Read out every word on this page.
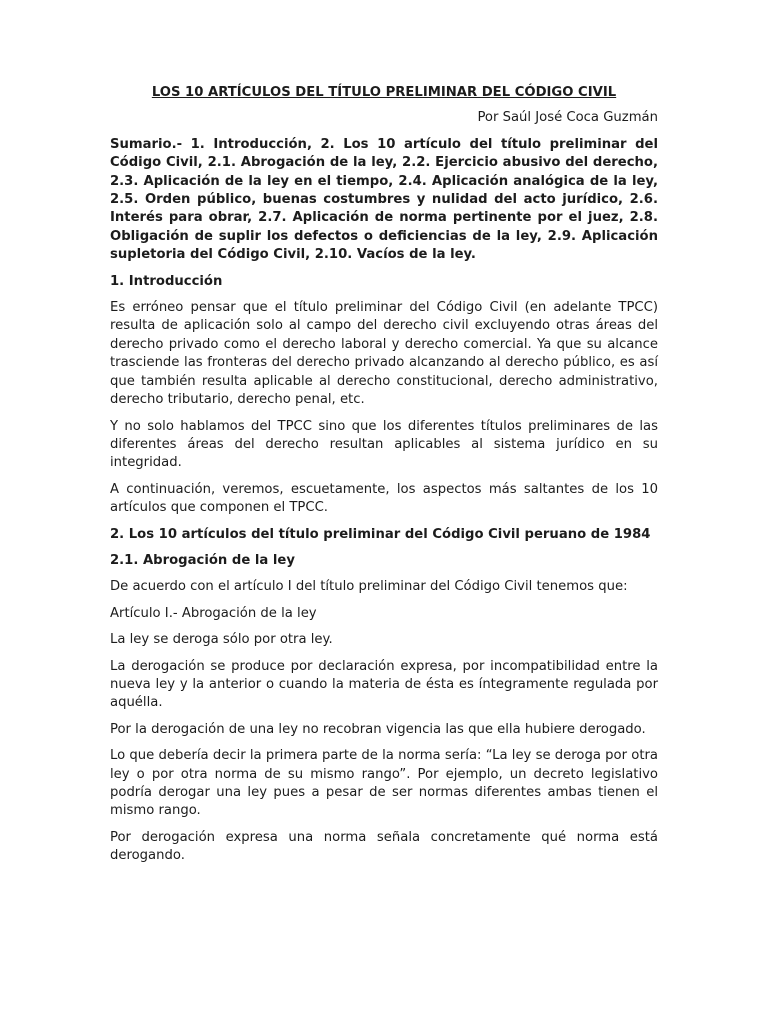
LOS 10 ARTÍCULOS DEL TÍTULO PRELIMINAR DEL CÓDIGO CIVIL

Por Saúl José Coca Guzmán

Sumario.- 1. Introducción, 2. Los 10 artículo del título preliminar del Código Civil, 2.1. Abrogación de la ley, 2.2. Ejercicio abusivo del derecho, 2.3. Aplicación de la ley en el tiempo, 2.4. Aplicación analógica de la ley, 2.5. Orden público, buenas costumbres y nulidad del acto jurídico, 2.6. Interés para obrar, 2.7. Aplicación de norma pertinente por el juez, 2.8. Obligación de suplir los defectos o deficiencias de la ley, 2.9. Aplicación supletoria del Código Civil, 2.10. Vacíos de la ley.

1. Introducción

Es erróneo pensar que el título preliminar del Código Civil (en adelante TPCC) resulta de aplicación solo al campo del derecho civil excluyendo otras áreas del derecho privado como el derecho laboral y derecho comercial. Ya que su alcance trasciende las fronteras del derecho privado alcanzando al derecho público, es así que también resulta aplicable al derecho constitucional, derecho administrativo, derecho tributario, derecho penal, etc.

Y no solo hablamos del TPCC sino que los diferentes títulos preliminares de las diferentes áreas del derecho resultan aplicables al sistema jurídico en su integridad.

A continuación, veremos, escuetamente, los aspectos más saltantes de los 10 artículos que componen el TPCC.

2. Los 10 artículos del título preliminar del Código Civil peruano de 1984

2.1. Abrogación de la ley

De acuerdo con el artículo I del título preliminar del Código Civil tenemos que:

Artículo I.- Abrogación de la ley

La ley se deroga sólo por otra ley.

La derogación se produce por declaración expresa, por incompatibilidad entre la nueva ley y la anterior o cuando la materia de ésta es íntegramente regulada por aquélla.

Por la derogación de una ley no recobran vigencia las que ella hubiere derogado.

Lo que debería decir la primera parte de la norma sería: “La ley se deroga por otra ley o por otra norma de su mismo rango”. Por ejemplo, un decreto legislativo podría derogar una ley pues a pesar de ser normas diferentes ambas tienen el mismo rango.

Por derogación expresa una norma señala concretamente qué norma está derogando.
